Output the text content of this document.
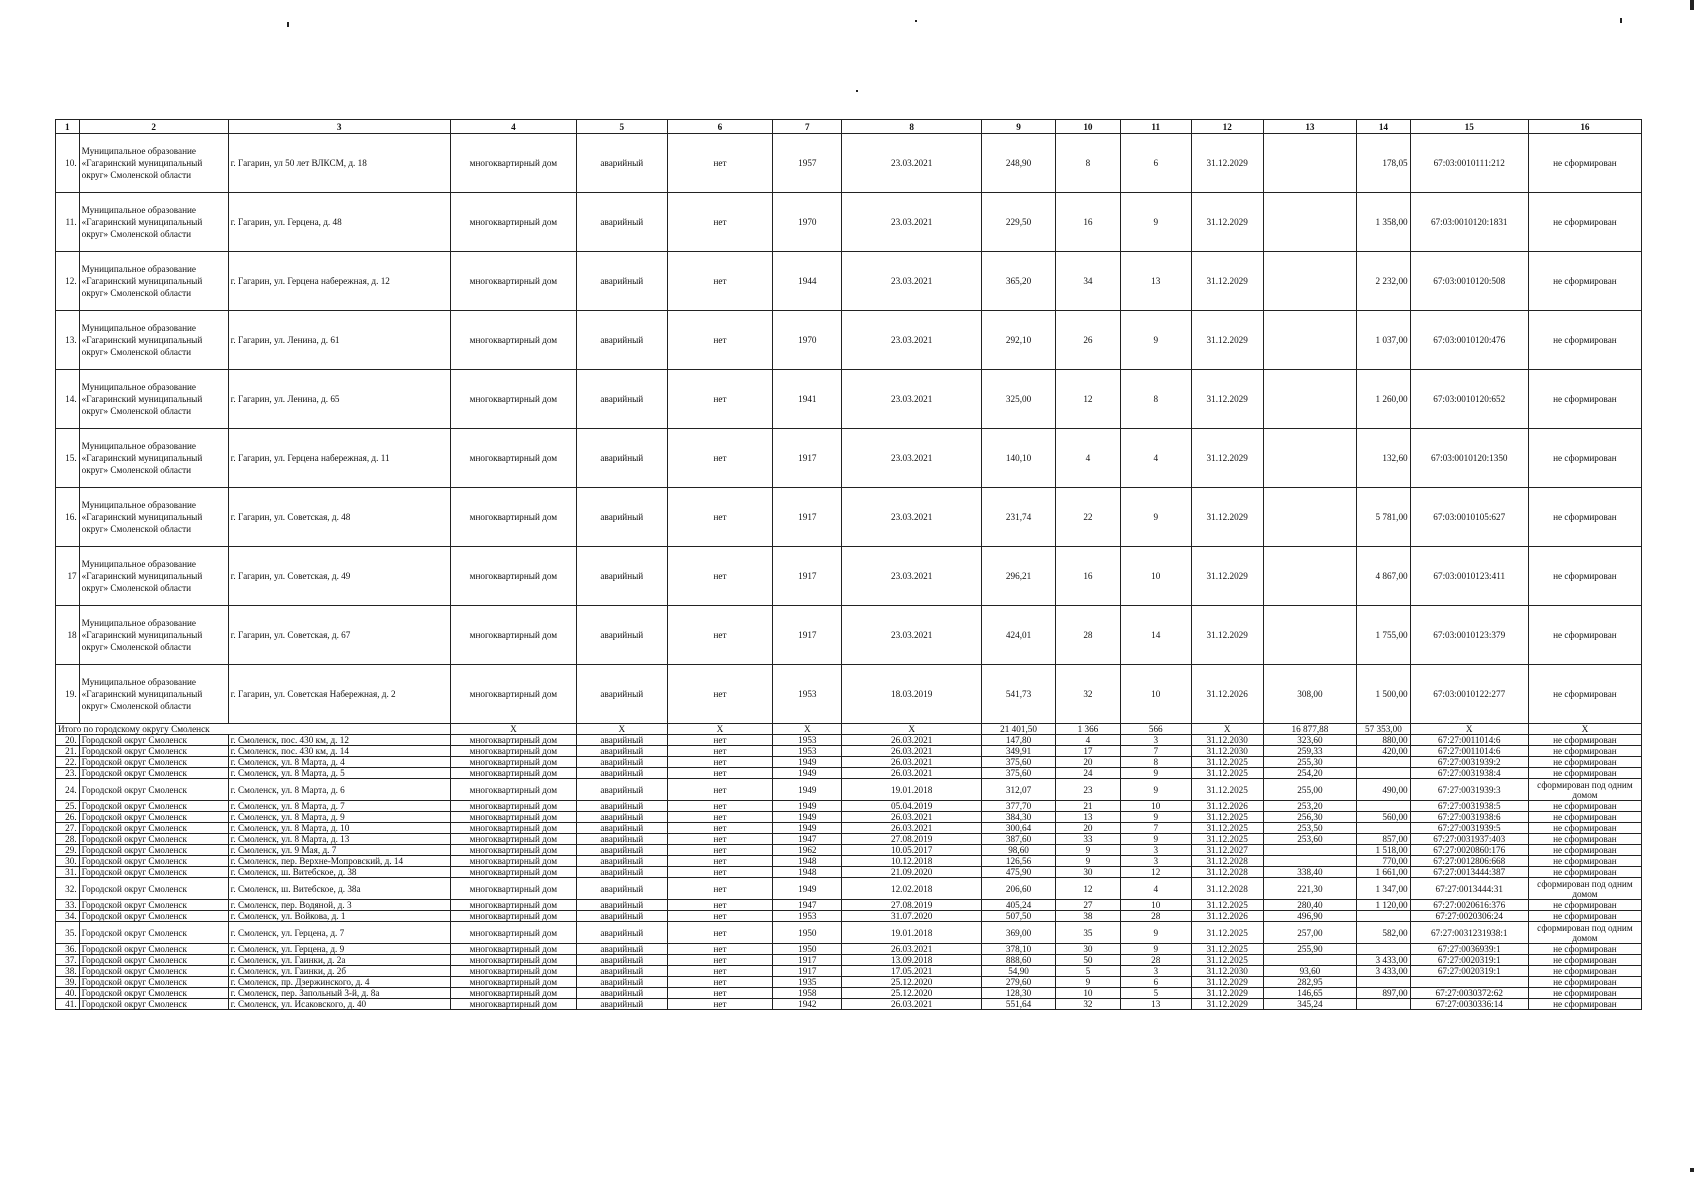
1	2	3	4	5	6	7	8	9	10	11	12	13	14	15	16
10.	Муниципальное образование «Гагаринский муниципальный округ» Смоленской области	г. Гагарин, ул 50 лет ВЛКСМ, д. 18	многоквартирный дом	аварийный	нет	1957	23.03.2021	248,90	8	6	31.12.2029		178,05	67:03:0010111:212	не сформирован
11.	Муниципальное образование «Гагаринский муниципальный округ» Смоленской области	г. Гагарин, ул. Герцена, д. 48	многоквартирный дом	аварийный	нет	1970	23.03.2021	229,50	16	9	31.12.2029		1 358,00	67:03:0010120:1831	не сформирован
12.	Муниципальное образование «Гагаринский муниципальный округ» Смоленской области	г. Гагарин, ул. Герцена набережная, д. 12	многоквартирный дом	аварийный	нет	1944	23.03.2021	365,20	34	13	31.12.2029		2 232,00	67:03:0010120:508	не сформирован
13.	Муниципальное образование «Гагаринский муниципальный округ» Смоленской области	г. Гагарин, ул. Ленина, д. 61	многоквартирный дом	аварийный	нет	1970	23.03.2021	292,10	26	9	31.12.2029		1 037,00	67:03:0010120:476	не сформирован
14.	Муниципальное образование «Гагаринский муниципальный округ» Смоленской области	г. Гагарин, ул. Ленина, д. 65	многоквартирный дом	аварийный	нет	1941	23.03.2021	325,00	12	8	31.12.2029		1 260,00	67:03:0010120:652	не сформирован
15.	Муниципальное образование «Гагаринский муниципальный округ» Смоленской области	г. Гагарин, ул. Герцена набережная, д. 11	многоквартирный дом	аварийный	нет	1917	23.03.2021	140,10	4	4	31.12.2029		132,60	67:03:0010120:1350	не сформирован
16.	Муниципальное образование «Гагаринский муниципальный округ» Смоленской области	г. Гагарин, ул. Советская, д. 48	многоквартирный дом	аварийный	нет	1917	23.03.2021	231,74	22	9	31.12.2029		5 781,00	67:03:0010105:627	не сформирован
17	Муниципальное образование «Гагаринский муниципальный округ» Смоленской области	г. Гагарин, ул. Советская, д. 49	многоквартирный дом	аварийный	нет	1917	23.03.2021	296,21	16	10	31.12.2029		4 867,00	67:03:0010123:411	не сформирован
18	Муниципальное образование «Гагаринский муниципальный округ» Смоленской области	г. Гагарин, ул. Советская, д. 67	многоквартирный дом	аварийный	нет	1917	23.03.2021	424,01	28	14	31.12.2029		1 755,00	67:03:0010123:379	не сформирован
19.	Муниципальное образование «Гагаринский муниципальный округ» Смоленской области	г. Гагарин, ул. Советская Набережная, д. 2	многоквартирный дом	аварийный	нет	1953	18.03.2019	541,73	32	10	31.12.2026	308,00	1 500,00	67:03:0010122:277	не сформирован
Итого по городскому округу Смоленск			X	X	X	X	X	21 401,50	1 366	566	X	16 877,88	57 353,00	X	X
20.	Городской округ Смоленск	г. Смоленск, пос. 430 км, д. 12	многоквартирный дом	аварийный	нет	1953	26.03.2021	147,80	4	3	31.12.2030	323,60	880,00	67:27:0011014:6	не сформирован
21.	Городской округ Смоленск	г. Смоленск, пос. 430 км, д. 14	многоквартирный дом	аварийный	нет	1953	26.03.2021	349,91	17	7	31.12.2030	259,33	420,00	67:27:0011014:6	не сформирован
22.	Городской округ Смоленск	г. Смоленск, ул. 8 Марта, д. 4	многоквартирный дом	аварийный	нет	1949	26.03.2021	375,60	20	8	31.12.2025	255,30		67:27:0031939:2	не сформирован
23.	Городской округ Смоленск	г. Смоленск, ул. 8 Марта, д. 5	многоквартирный дом	аварийный	нет	1949	26.03.2021	375,60	24	9	31.12.2025	254,20		67:27:0031938:4	не сформирован
24.	Городской округ Смоленск	г. Смоленск, ул. 8 Марта, д. 6	многоквартирный дом	аварийный	нет	1949	19.01.2018	312,07	23	9	31.12.2025	255,00	490,00	67:27:0031939:3	сформирован под одним домом
25.	Городской округ Смоленск	г. Смоленск, ул. 8 Марта, д. 7	многоквартирный дом	аварийный	нет	1949	05.04.2019	377,70	21	10	31.12.2026	253,20		67:27:0031938:5	не сформирован
26.	Городской округ Смоленск	г. Смоленск, ул. 8 Марта, д. 9	многоквартирный дом	аварийный	нет	1949	26.03.2021	384,30	13	9	31.12.2025	256,30	560,00	67:27:0031938:6	не сформирован
27.	Городской округ Смоленск	г. Смоленск, ул. 8 Марта, д. 10	многоквартирный дом	аварийный	нет	1949	26.03.2021	300,64	20	7	31.12.2025	253,50		67:27:0031939:5	не сформирован
28.	Городской округ Смоленск	г. Смоленск, ул. 8 Марта, д. 13	многоквартирный дом	аварийный	нет	1947	27.08.2019	387,60	33	9	31.12.2025	253,60	857,00	67:27:0031937:403	не сформирован
29.	Городской округ Смоленск	г. Смоленск, ул. 9 Мая, д. 7	многоквартирный дом	аварийный	нет	1962	10.05.2017	98,60	9	3	31.12.2027		1 518,00	67:27:0020860:176	не сформирован
30.	Городской округ Смоленск	г. Смоленск, пер. Верхне-Мопровский, д. 14	многоквартирный дом	аварийный	нет	1948	10.12.2018	126,56	9	3	31.12.2028		770,00	67:27:0012806:668	не сформирован
31.	Городской округ Смоленск	г. Смоленск, ш. Витебское, д. 38	многоквартирный дом	аварийный	нет	1948	21.09.2020	475,90	30	12	31.12.2028	338,40	1 661,00	67:27:0013444:387	не сформирован
32.	Городской округ Смоленск	г. Смоленск, ш. Витебское, д. 38а	многоквартирный дом	аварийный	нет	1949	12.02.2018	206,60	12	4	31.12.2028	221,30	1 347,00	67:27:0013444:31	сформирован под одним домом
33.	Городской округ Смоленск	г. Смоленск, пер. Водяной, д. 3	многоквартирный дом	аварийный	нет	1947	27.08.2019	405,24	27	10	31.12.2025	280,40	1 120,00	67:27:0020616:376	не сформирован
34.	Городской округ Смоленск	г. Смоленск, ул. Войкова, д. 1	многоквартирный дом	аварийный	нет	1953	31.07.2020	507,50	38	28	31.12.2026	496,90		67:27:0020306:24	не сформирован
35.	Городской округ Смоленск	г. Смоленск, ул. Герцена, д. 7	многоквартирный дом	аварийный	нет	1950	19.01.2018	369,00	35	9	31.12.2025	257,00	582,00	67:27:0031231938:1	сформирован под одним домом
36.	Городской округ Смоленск	г. Смоленск, ул. Герцена, д. 9	многоквартирный дом	аварийный	нет	1950	26.03.2021	378,10	30	9	31.12.2025	255,90		67:27:0036939:1	не сформирован
37.	Городской округ Смоленск	г. Смоленск, ул. Гаинки, д. 2а	многоквартирный дом	аварийный	нет	1917	13.09.2018	888,60	50	28	31.12.2025		3 433,00	67:27:0020319:1	не сформирован
38.	Городской округ Смоленск	г. Смоленск, ул. Гаинки, д. 2б	многоквартирный дом	аварийный	нет	1917	17.05.2021	54,90	5	3	31.12.2030	93,60	3 433,00	67:27:0020319:1	не сформирован
39.	Городской округ Смоленск	г. Смоленск, пр. Дзержинского, д. 4	многоквартирный дом	аварийный	нет	1935	25.12.2020	279,60	9	6	31.12.2029	282,95			не сформирован
40.	Городской округ Смоленск	г. Смоленск, пер. Запольный 3-й, д. 8а	многоквартирный дом	аварийный	нет	1958	25.12.2020	128,30	10	5	31.12.2029	146,65	897,00	67:27:0030372:62	не сформирован
41.	Городской округ Смоленск	г. Смоленск, ул. Исаковского, д. 40	многоквартирный дом	аварийный	нет	1942	26.03.2021	551,64	32	13	31.12.2029	345,24		67:27:0030336:14	не сформирован
